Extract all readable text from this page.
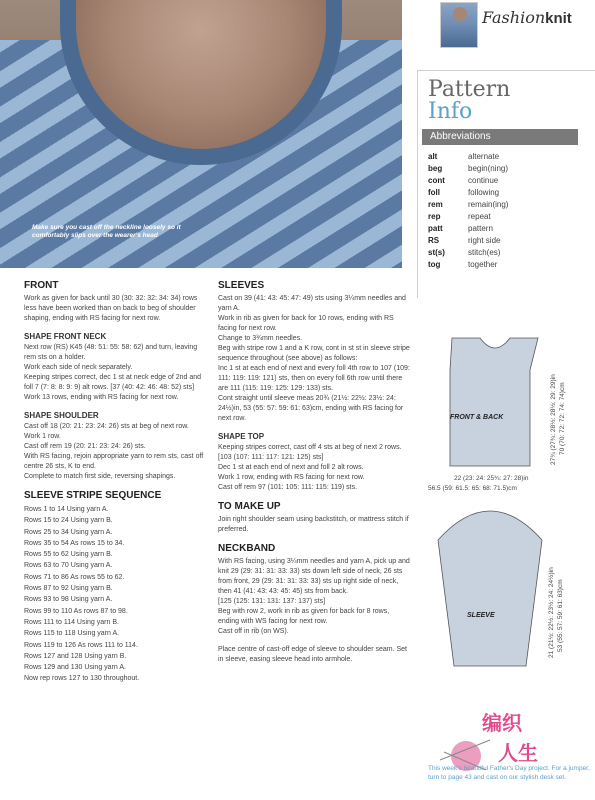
Make sure you cast off the neckline loosely so it comfortably slips over the wearer's head
Fashionknit
Pattern
Info
Abbreviations
alt	alternate
beg	begin(ning)
cont	continue
foll	following
rem	remain(ing)
rep	repeat
patt	pattern
RS	right side
st(s)	stitch(es)
tog	together
FRONT

Work as given for back until 30 (30: 32: 32: 34: 34) rows less have been worked than on back to beg of shoulder shaping, ending with RS facing for next row.

SHAPE FRONT NECK

Next row (RS) K45 (48: 51: 55: 58: 62) and turn, leaving rem sts on a holder.

Work each side of neck separately.

Keeping stripes correct, dec 1 st at neck edge of 2nd and foll 7 (7: 8: 8: 9: 9) alt rows. [37 (40: 42: 46: 48: 52) sts]

Work 13 rows, ending with RS facing for next row.

SHAPE SHOULDER

Cast off 18 (20: 21: 23: 24: 26) sts at beg of next row.

Work 1 row.

Cast off rem 19 (20: 21: 23: 24: 26) sts.

With RS facing, rejoin appropriate yarn to rem sts, cast off centre 26 sts, K to end.

Complete to match first side, reversing shapings.

SLEEVE STRIPE SEQUENCE

Rows 1 to 14 Using yarn A.

Rows 15 to 24 Using yarn B.

Rows 25 to 34 Using yarn A.

Rows 35 to 54 As rows 15 to 34.

Rows 55 to 62 Using yarn B.

Rows 63 to 70 Using yarn A.

Rows 71 to 86 As rows 55 to 62.

Rows 87 to 92 Using yarn B.

Rows 93 to 98 Using yarn A.

Rows 99 to 110 As rows 87 to 98.

Rows 111 to 114 Using yarn B.

Rows 115 to 118 Using yarn A.

Rows 119 to 126 As rows 111 to 114.

Rows 127 and 128 Using yarn B.

Rows 129 and 130 Using yarn A.

Now rep rows 127 to 130 throughout.

SLEEVES

Cast on 39 (41: 43: 45: 47: 49) sts using 3¼mm needles and yarn A.

Work in rib as given for back for 10 rows, ending with RS facing for next row.

Change to 3¾mm needles.

Beg with stripe row 1 and a K row, cont in st st in sleeve stripe sequence throughout (see above) as follows:

Inc 1 st at each end of next and every foll 4th row to 107 (109: 111: 119: 119: 121) sts, then on every foll 6th row until there are 111 (115: 119: 125: 129: 133) sts.

Cont straight until sleeve meas 20¾ (21½: 22½: 23½: 24: 24½)in, 53 (55: 57: 59: 61: 63)cm, ending with RS facing for next row.

SHAPE TOP

Keeping stripes correct, cast off 4 sts at beg of next 2 rows. [103 (107: 111: 117: 121: 125) sts]

Dec 1 st at each end of next and foll 2 alt rows.

Work 1 row, ending with RS facing for next row.

Cast off rem 97 (101: 105: 111: 115: 119) sts.

TO MAKE UP

Join right shoulder seam using backstitch, or mattress stitch if preferred.

NECKBAND

With RS facing, using 3¼mm needles and yarn A, pick up and knit 29 (29: 31: 31: 33: 33) sts down left side of neck, 26 sts from front, 29 (29: 31: 31: 33: 33) sts up right side of neck, then 41 (41: 43: 43: 45: 45) sts from back.

[125 (125: 131: 131: 137: 137) sts]

Beg with row 2, work in rib as given for back for 8 rows, ending with WS facing for next row.

Cast off in rib (on WS).

Place centre of cast-off edge of sleeve to shoulder seam. Set in sleeve, easing sleeve head into armhole.

FRONT & BACK	27¾ (27¾: 28½: 28½: 29: 29)in 70 (70: 72: 72: 74: 74)cm
22 (23: 24: 25¾: 27: 28)in
56.5 (59: 61.5: 65: 68: 71.5)cm
SLEEVE	21 (21½: 22½: 23½: 24: 24½)in 53 (55: 57: 59: 61: 63)cm
编织
人生
This week's beautiful Father's Day project. For a jumper, turn to page 43 and cast on our stylish desk set.
